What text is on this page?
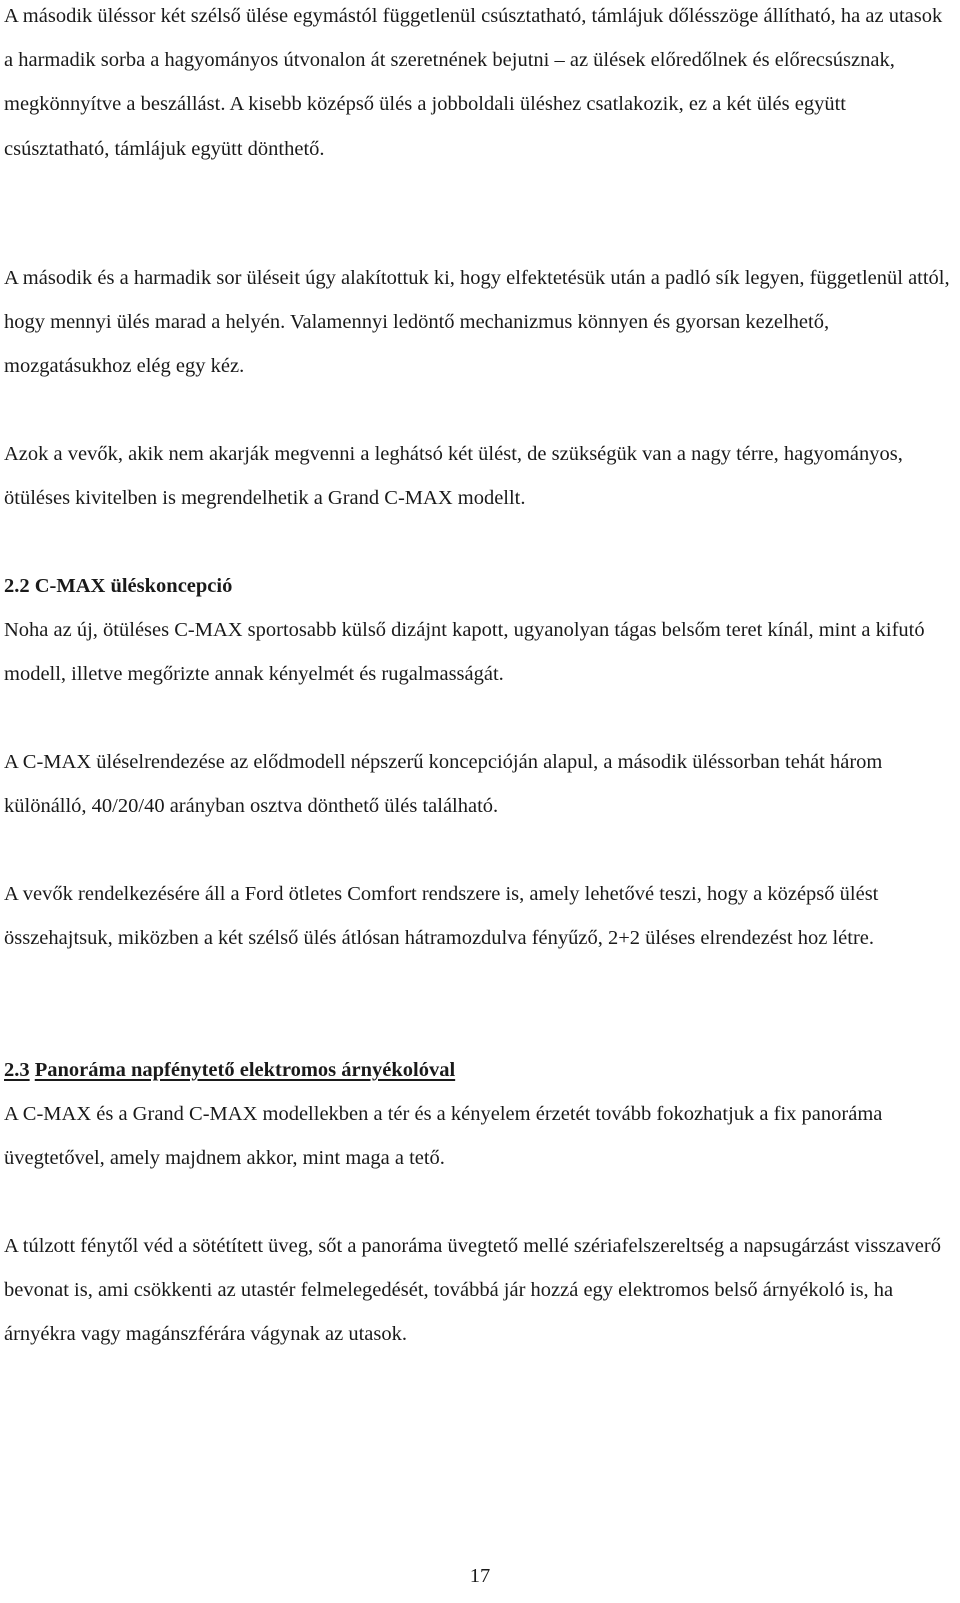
A második üléssor két szélső ülése egymástól függetlenül csúsztatható, támlájuk dőlésszöge állítható, ha az utasok a harmadik sorba a hagyományos útvonalon át szeretnének bejutni – az ülések előredőlnek és előrecsúsznak, megkönnyítve a beszállást. A kisebb középső ülés a jobboldali üléshez csatlakozik, ez a két ülés együtt csúsztatható, támlájuk együtt dönthető.

A második és a harmadik sor üléseit úgy alakítottuk ki, hogy elfektetésük után a padló sík legyen, függetlenül attól, hogy mennyi ülés marad a helyén. Valamennyi ledöntő mechanizmus könnyen és gyorsan kezelhető, mozgatásukhoz elég egy kéz.

Azok a vevők, akik nem akarják megvenni a leghátsó két ülést, de szükségük van a nagy térre, hagyományos, ötüléses kivitelben is megrendelhetik a Grand C-MAX modellt.

2.2 C-MAX üléskoncepció

Noha az új, ötüléses C-MAX sportosabb külső dizájnt kapott, ugyanolyan tágas belsőm teret kínál, mint a kifutó modell, illetve megőrizte annak kényelmét és rugalmasságát.

A C-MAX üléselrendezése az elődmodell népszerű koncepcióján alapul, a második üléssorban tehát három különálló, 40/20/40 arányban osztva dönthető ülés található.

A vevők rendelkezésére áll a Ford ötletes Comfort rendszere is, amely lehetővé teszi, hogy a középső ülést összehajtsuk, miközben a két szélső ülés átlósan hátramozdulva fényűző, 2+2 üléses elrendezést hoz létre.

2.3 Panoráma napfénytető elektromos árnyékolóval

A C-MAX és a Grand C-MAX modellekben a tér és a kényelem érzetét tovább fokozhatjuk a fix panoráma üvegtetővel, amely majdnem akkor, mint maga a tető.

A túlzott fénytől véd a sötétített üveg, sőt a panoráma üvegtető mellé szériafelszereltség a napsugárzást visszaverő bevonat is, ami csökkenti az utastér felmelegedését, továbbá jár hozzá egy elektromos belső árnyékoló is, ha árnyékra vagy magánszférára vágynak az utasok.

17
